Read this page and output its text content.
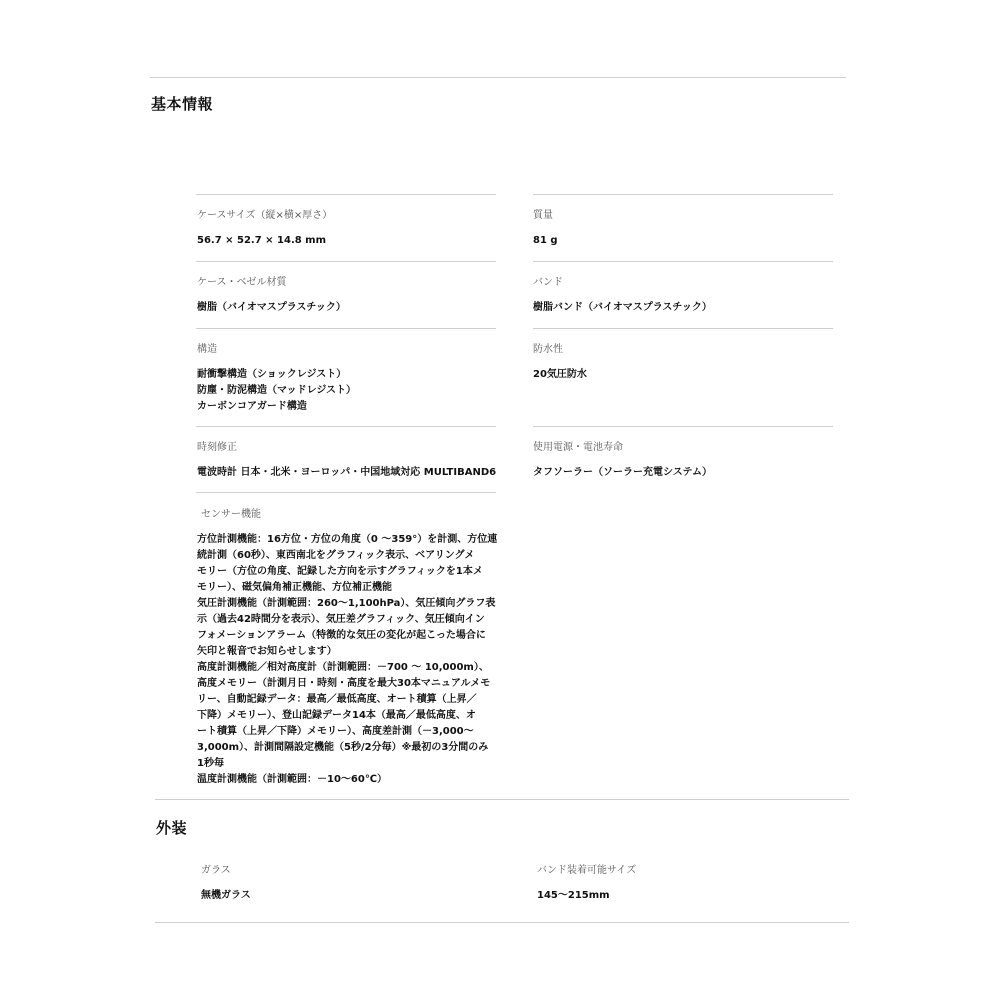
基本情報
ケースサイズ（縦×横×厚さ）
56.7 × 52.7 × 14.8 mm
質量
81 g
ケース・ベゼル材質
樹脂（バイオマスプラスチック）
バンド
樹脂バンド（バイオマスプラスチック）
構造
耐衝撃構造（ショックレジスト）
防塵・防泥構造（マッドレジスト）
カーボンコアガード構造
防水性
20気圧防水
時刻修正
電波時計 日本・北米・ヨーロッパ・中国地域対応 MULTIBAND6
使用電源・電池寿命
タフソーラー（ソーラー充電システム）
センサー機能
方位計測機能：16方位・方位の角度（0 ～359°）を計測、方位連
続計測（60秒）、東西南北をグラフィック表示、ベアリングメ
モリー（方位の角度、記録した方向を示すグラフィックを1本メ
モリー）、磁気偏角補正機能、方位補正機能
気圧計測機能（計測範囲：260～1,100hPa）、気圧傾向グラフ表
示（過去42時間分を表示）、気圧差グラフィック、気圧傾向イン
フォメーションアラーム（特徴的な気圧の変化が起こった場合に
矢印と報音でお知らせします）
高度計測機能／相対高度計（計測範囲：－700 ～ 10,000m）、
高度メモリー（計測月日・時刻・高度を最大30本マニュアルメモ
リー、自動記録データ：最高／最低高度、オート積算（上昇／
下降）メモリー）、登山記録データ14本（最高／最低高度、オ
ート積算（上昇／下降）メモリー）、高度差計測（－3,000～
3,000m）、計測間隔設定機能（5秒/2分毎）※最初の3分間のみ
1秒毎
温度計測機能（計測範囲：－10～60℃）
外装
ガラス
無機ガラス
バンド装着可能サイズ
145～215mm
